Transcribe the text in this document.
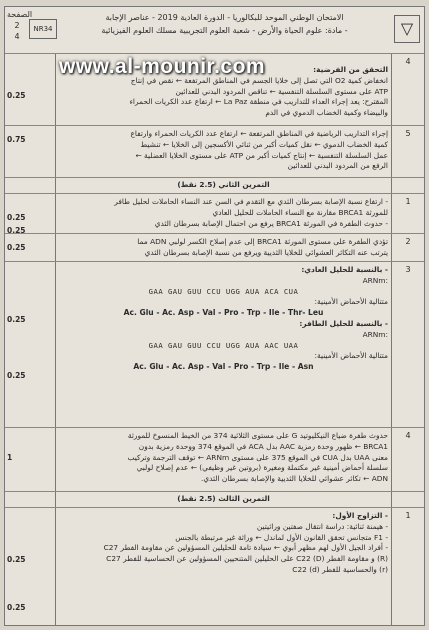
الصفحة
2
4
NR34
الامتحان الوطني الموحد للبكالوريا - الدورة العادية 2019 - عناصر الإجابة
- مادة: علوم الحياة والأرض - شعبة العلوم التجريبية مسلك العلوم الفيزيائية	▽
4
التحقق من الفرضية:
انخفاض كمية O2 التي تصل إلى خلايا الجسم في المناطق المرتفعة ← نقص في إنتاج
ATP على مستوى السلسلة التنفسية ← تناقص المردود البدني للعدائين
المقترح: يعد إجراء العداء للتداريب في منطقة La Paz ← ارتفاع عدد الكريات الحمراء
والبيضاء وكمية الخضاب الدموي في الدم
0.25
5
إجراء التداريب الرياضية في المناطق المرتفعة ← ارتفاع عدد الكريات الحمراء وارتفاع
كمية الخضاب الدموي ← نقل كميات أكبر من ثنائي الأكسجين إلى الخلايا ← تنشيط
عمل السلسلة التنفسية ← إنتاج كميات أكبر من ATP على مستوى الخلايا العضلية ←
الرفع من المردود البدني للعدائين
0.75
التمرين الثاني (2.5 نقط)
1
- ارتفاع نسبة الإصابة بسرطان الثدي مع التقدم في السن عند النساء الحاملات لحليل طافر
للمورثة BRCA1 مقارنة مع النساء الحاملات للحليل العادي
- حدوث الطفرة في المورثة BRCA1 يرفع من احتمال الإصابة بسرطان الثدي
0.25
0.25
2
تؤدي الطفرة على مستوى المورثة BRCA1 إلى عدم إصلاح الكسر لولبي ADN مما
يترتب عنه التكاثر العشوائي للخلايا الثديية ويرفع من نسبة الإصابة بسرطان الثدي
0.25
3
- بالنسبة للحليل العادي:
ARNm:
GAA GAU GUU CCU UGG AUA ACA CUA
متتالية الأحماض الأمينية:
Ac. Glu - Ac. Asp - Val - Pro - Trp - Ile - Thr- Leu
- بالنسبة للحليل الطافر:
ARNm:
GAA GAU GUU CCU UGG AUA AAC UAA
متتالية الأحماض الأمينية:
Ac. Glu - Ac. Asp - Val - Pro - Trp - Ile - Asn
0.25
0.25
4
حدوث طفرة ضياع النيكليوتيد G على مستوى الثلاثية 374 من الخيط المنسوخ للمورثة
BRCA1 ← ظهور وحدة رمزية AAC بدل ACA في الموقع 374 ووحدة رمزية بدون
معنى UAA بدل CUA في الموقع 375 على مستوى ARNm ← توقف الترجمة وتركيب
سلسلة أحماض أمينية غير مكتملة ومغيرة (بروتين غير وظيفي) ← عدم إصلاح لولبي
ADN ← تكاثر عشوائي للخلايا الثديية والإصابة بسرطان الثدي.
1
التمرين الثالث (2.5 نقط)
1
- التزاوج الأول:
- هيمنة ثنائية: دراسة انتقال صفتين وراثيتين
- F1 متجانس تحقق القانون الأول لماندل ← وراثة غير مرتبطة بالجنس
- أفراد الجيل الأول لهم مظهر أبوي ← سيادة تامة للحليلين المسؤولين عن مقاومة الفطر C27
(R) و مقاومة الفطر C22 (D) على الحليلين المتنحيين المسؤولين عن الحساسية للفطر C27
(r) والحساسية للفطر C22 (d)
0.25
0.25
www.al-mounir.com
